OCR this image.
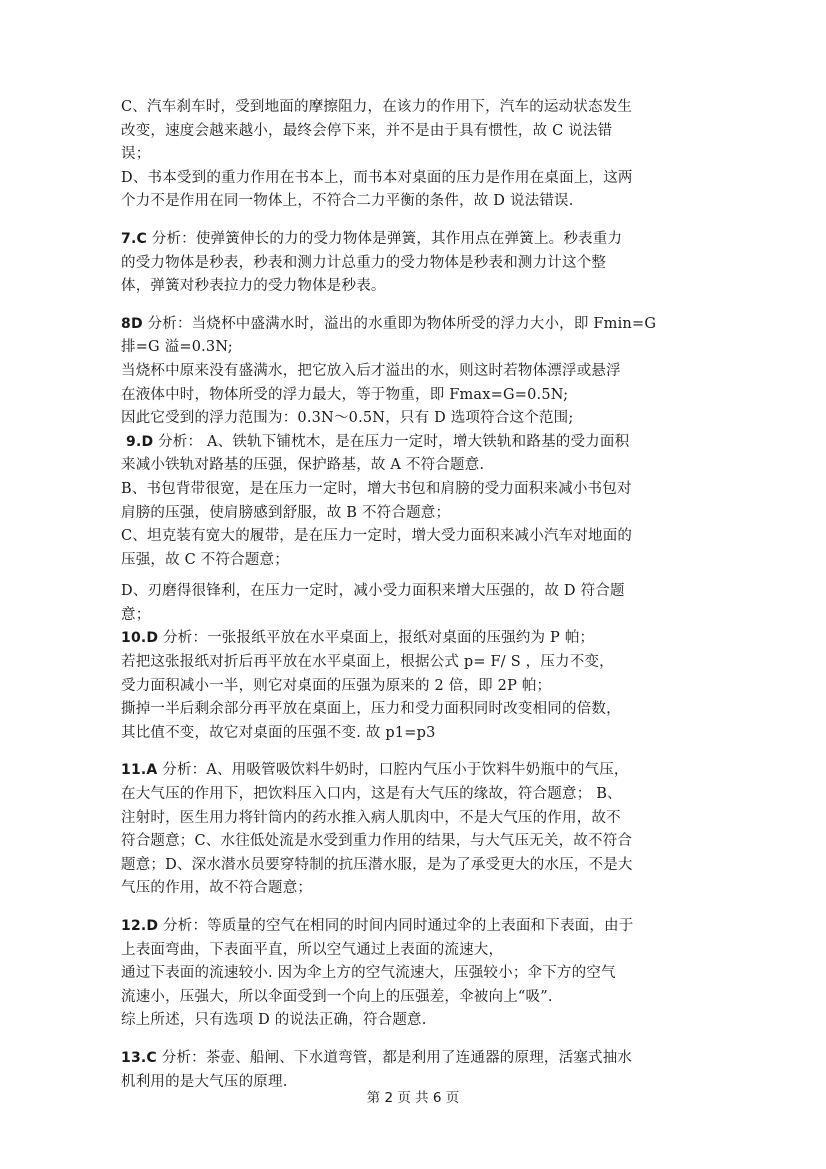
C、汽车刹车时，受到地面的摩擦阻力，在该力的作用下，汽车的运动状态发生
改变，速度会越来越小，最终会停下来，并不是由于具有惯性，故 C 说法错
误；
D、书本受到的重力作用在书本上，而书本对桌面的压力是作用在桌面上，这两
个力不是作用在同一物体上，不符合二力平衡的条件，故 D 说法错误.
7.C 分析：使弹簧伸长的力的受力物体是弹簧，其作用点在弹簧上。秒表重力
的受力物体是秒表，秒表和测力计总重力的受力物体是秒表和测力计这个整
体，弹簧对秒表拉力的受力物体是秒表。
8D 分析：当烧杯中盛满水时，溢出的水重即为物体所受的浮力大小，即 Fmin=G
排=G 溢=0.3N;
当烧杯中原来没有盛满水，把它放入后才溢出的水，则这时若物体漂浮或悬浮
在液体中时，物体所受的浮力最大，等于物重，即 Fmax=G=0.5N;
因此它受到的浮力范围为：0.3N～0.5N，只有 D 选项符合这个范围;
9.D 分析： A、铁轨下铺枕木，是在压力一定时，增大铁轨和路基的受力面积
来减小铁轨对路基的压强，保护路基，故 A 不符合题意.
B、书包背带很宽，是在压力一定时，增大书包和肩膀的受力面积来减小书包对
肩膀的压强，使肩膀感到舒服，故 B 不符合题意；
C、坦克装有宽大的履带，是在压力一定时，增大受力面积来减小汽车对地面的
压强，故 C 不符合题意；
D、刃磨得很锋利，在压力一定时，减小受力面积来增大压强的，故 D 符合题
意；
10.D 分析：一张报纸平放在水平桌面上，报纸对桌面的压强约为 P 帕；
若把这张报纸对折后再平放在水平桌面上，根据公式 p= F/ S ，压力不变，
受力面积减小一半，则它对桌面的压强为原来的 2 倍，即 2P 帕；
撕掉一半后剩余部分再平放在桌面上，压力和受力面积同时改变相同的倍数，
其比值不变，故它对桌面的压强不变. 故 p1=p3
11.A 分析：A、用吸管吸饮料牛奶时，口腔内气压小于饮料牛奶瓶中的气压，
在大气压的作用下，把饮料压入口内，这是有大气压的缘故，符合题意； B、
注射时，医生用力将针筒内的药水推入病人肌肉中，不是大气压的作用，故不
符合题意；C、水往低处流是水受到重力作用的结果，与大气压无关，故不符合
题意；D、深水潜水员要穿特制的抗压潜水服，是为了承受更大的水压，不是大
气压的作用，故不符合题意；
12.D 分析：等质量的空气在相同的时间内同时通过伞的上表面和下表面，由于
上表面弯曲，下表面平直，所以空气通过上表面的流速大，
通过下表面的流速较小. 因为伞上方的空气流速大，压强较小；伞下方的空气
流速小，压强大，所以伞面受到一个向上的压强差，伞被向上“吸”.
综上所述，只有选项 D 的说法正确，符合题意.
13.C 分析：茶壶、船闸、下水道弯管，都是利用了连通器的原理，活塞式抽水
机利用的是大气压的原理.
第 2 页 共 6 页
